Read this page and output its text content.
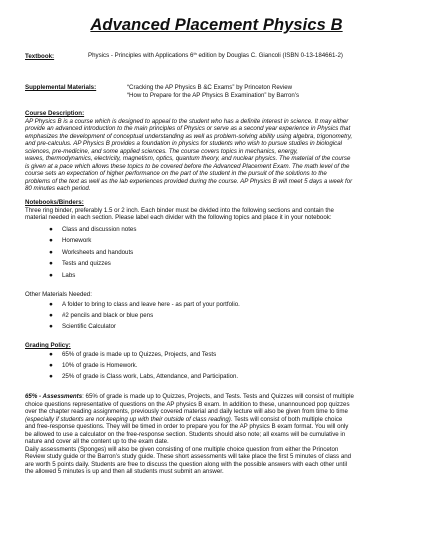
Advanced Placement Physics B
Textbook:	Physics - Principles with Applications 6th edition by Douglas C. Giancoli (ISBN 0-13-184661-2)
Supplemental Materials:	“Cracking the AP Physics B &C Exams” by Princeton Review
“How to Prepare for the AP Physics B Examination” by Barron’s
Course Description:
AP Physics B is a course which is designed to appeal to the student who has a definite interest in science. It may either
provide an advanced introduction to the main principles of Physics or serve as a second year experience in Physics that
emphasizes the development of conceptual understanding as well as problem-solving ability using algebra, trigonometry,
and pre-calculus. AP Physics B provides a foundation in physics for students who wish to pursue studies in biological
sciences, pre-medicine, and some applied sciences. The course covers topics in mechanics, energy,
waves, thermodynamics, electricity, magnetism, optics, quantum theory, and nuclear physics. The material of the course
is given at a pace which allows these topics to be covered before the Advanced Placement Exam. The math level of the
course sets an expectation of higher performance on the part of the student in the pursuit of the solutions to the
problems of the text as well as the lab experiences provided during the course. AP Physics B will meet 5 days a week for
80 minutes each period.
Notebooks/Binders:
Three ring binder, preferably 1.5 or 2 inch. Each binder must be divided into the following sections and contain the
material needed in each section. Please label each divider with the following topics and place it in your notebook:
● Class and discussion notes
● Homework
● Worksheets and handouts
● Tests and quizzes
● Labs
Other Materials Needed:
● A folder to bring to class and leave here - as part of your portfolio.
● #2 pencils and black or blue pens
● Scientific Calculator
Grading Policy:
● 65% of grade is made up to Quizzes, Projects, and Tests
● 10% of grade is Homework.
● 25% of grade is Class work, Labs, Attendance, and Participation.
65% - Assessments: 65% of grade is made up to Quizzes, Projects, and Tests. Tests and Quizzes will consist of multiple
choice questions representative of questions on the AP physics B exam. In addition to these, unannounced pop quizzes
over the chapter reading assignments, previously covered material and daily lecture will also be given from time to time
(especially if students are not keeping up with their outside of class reading). Tests will consist of both multiple choice
and free-response questions. They will be timed in order to prepare you for the AP physics B exam format. You will only
be allowed to use a calculator on the free-response section. Students should also note; all exams will be cumulative in
nature and cover all the content up to the exam date.
Daily assessments (Sponges) will also be given consisting of one multiple choice question from either the Princeton
Review study guide or the Barron’s study guide. These short assessments will take place the first 5 minutes of class and
are worth 5 points daily. Students are free to discuss the question along with the possible answers with each other until
the allowed 5 minutes is up and then all students must submit an answer.
